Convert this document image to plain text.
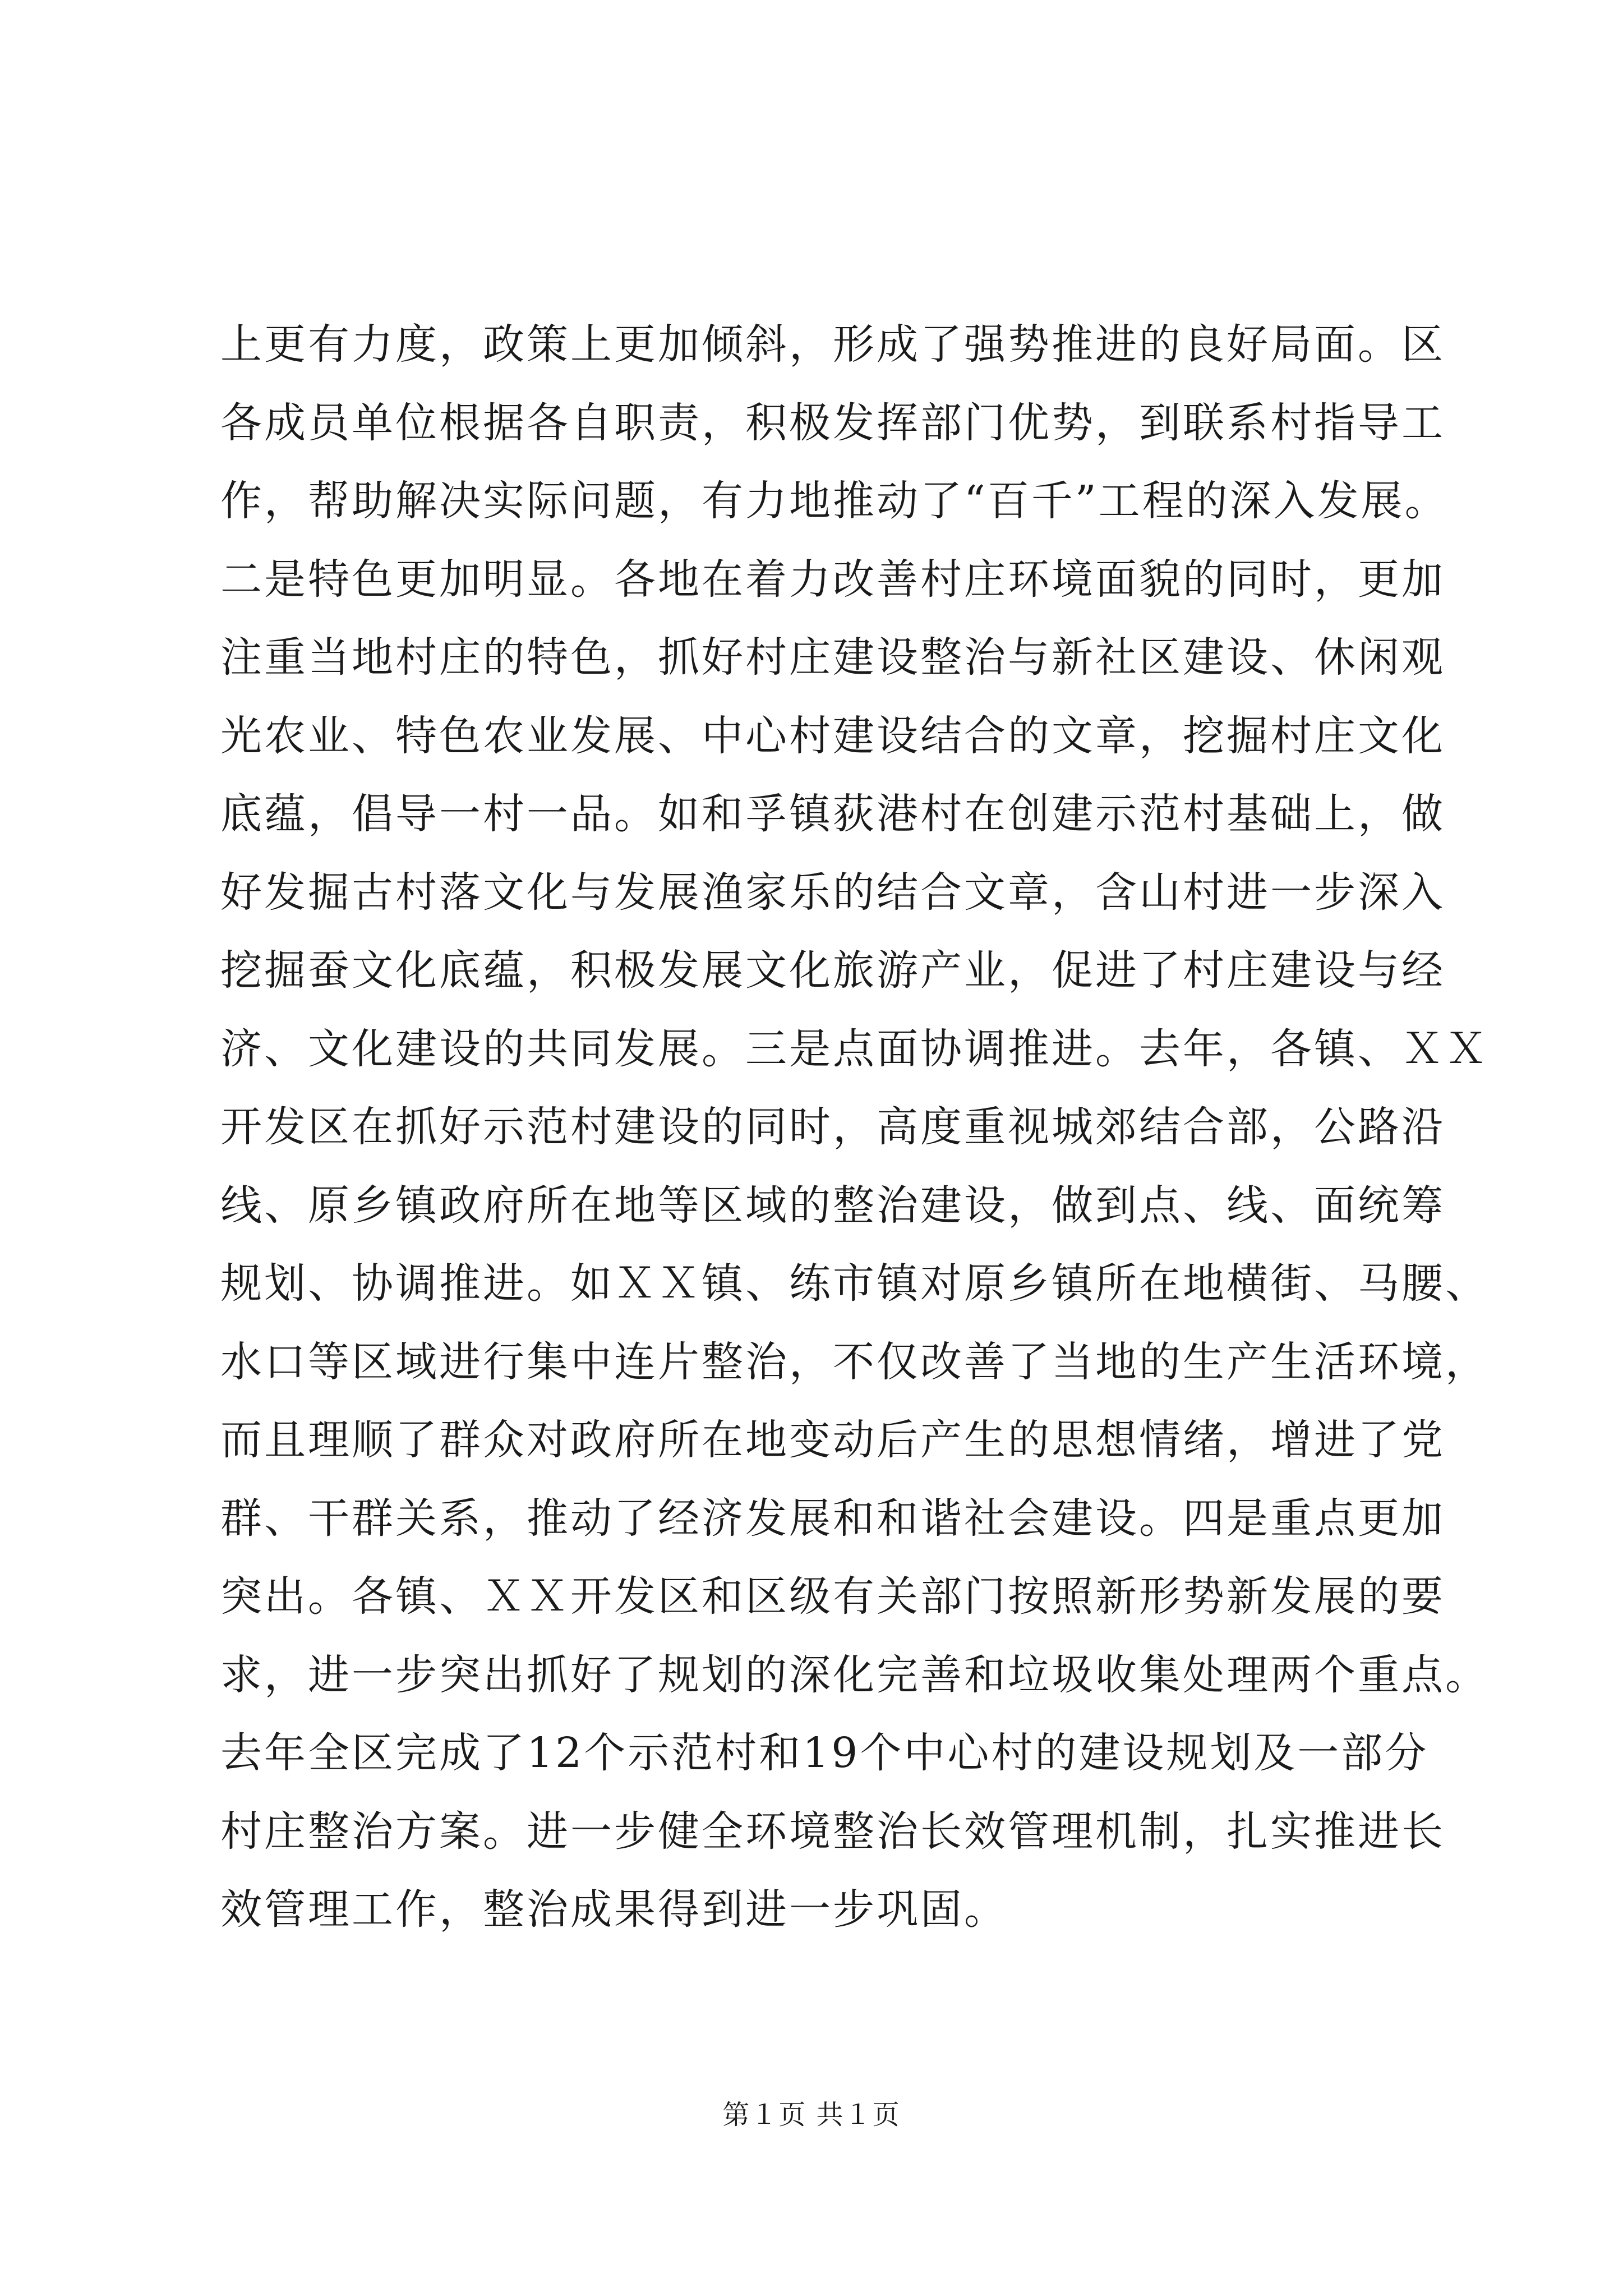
上更有力度，政策上更加倾斜，形成了强势推进的良好局面。区
各成员单位根据各自职责，积极发挥部门优势，到联系村指导工
作，帮助解决实际问题，有力地推动了“百千”工程的深入发展。
二是特色更加明显。各地在着力改善村庄环境面貌的同时，更加
注重当地村庄的特色，抓好村庄建设整治与新社区建设、休闲观
光农业、特色农业发展、中心村建设结合的文章，挖掘村庄文化
底蕴，倡导一村一品。如和孚镇荻港村在创建示范村基础上，做
好发掘古村落文化与发展渔家乐的结合文章，含山村进一步深入
挖掘蚕文化底蕴，积极发展文化旅游产业，促进了村庄建设与经
济、文化建设的共同发展。三是点面协调推进。去年，各镇、ＸＸ
开发区在抓好示范村建设的同时，高度重视城郊结合部，公路沿
线、原乡镇政府所在地等区域的整治建设，做到点、线、面统筹
规划、协调推进。如ＸＸ镇、练市镇对原乡镇所在地横街、马腰、
水口等区域进行集中连片整治，不仅改善了当地的生产生活环境，
而且理顺了群众对政府所在地变动后产生的思想情绪，增进了党
群、干群关系，推动了经济发展和和谐社会建设。四是重点更加
突出。各镇、ＸＸ开发区和区级有关部门按照新形势新发展的要
求，进一步突出抓好了规划的深化完善和垃圾收集处理两个重点。
去年全区完成了12个示范村和19个中心村的建设规划及一部分
村庄整治方案。进一步健全环境整治长效管理机制，扎实推进长
效管理工作，整治成果得到进一步巩固。
第１页 共１页
